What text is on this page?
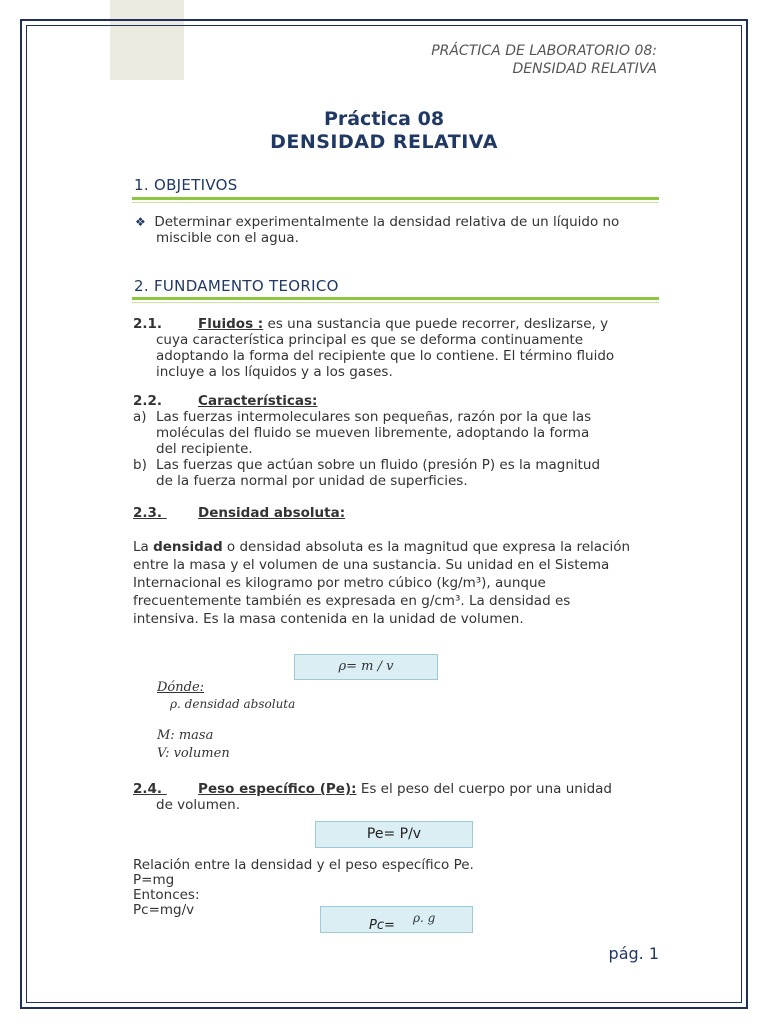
PRÁCTICA DE LABORATORIO 08:
DENSIDAD RELATIVA
Práctica 08
DENSIDAD RELATIVA
1. OBJETIVOS
❖ Determinar experimentalmente la densidad relativa de un líquido no
miscible con el agua.
2. FUNDAMENTO TEORICO
2.1.	Fluidos : es una sustancia que puede recorrer, deslizarse, y
cuya característica principal es que se deforma continuamente
adoptando la forma del recipiente que lo contiene. El término fluido
incluye a los líquidos y a los gases.
2.2.	Características:
a) Las fuerzas intermoleculares son pequeñas, razón por la que las
moléculas del fluido se mueven libremente, adoptando la forma
del recipiente.
b) Las fuerzas que actúan sobre un fluido (presión P) es la magnitud
de la fuerza normal por unidad de superficies.
2.3.	Densidad absoluta:
La densidad o densidad absoluta es la magnitud que expresa la relación
entre la masa y el volumen de una sustancia. Su unidad en el Sistema
Internacional es kilogramo por metro cúbico (kg/m³), aunque
frecuentemente también es expresada en g/cm³. La densidad es
intensiva. Es la masa contenida en la unidad de volumen.
ρ= m / v
Dónde:
ρ. densidad absoluta
M: masa
V: volumen
2.4.	Peso específico (Pe): Es el peso del cuerpo por una unidad
de volumen.
Pe= P/v
Relación entre la densidad y el peso específico Pe.
P=mg
Entonces:
Pc=mg/v
Pc= ρ. g
pág. 1
